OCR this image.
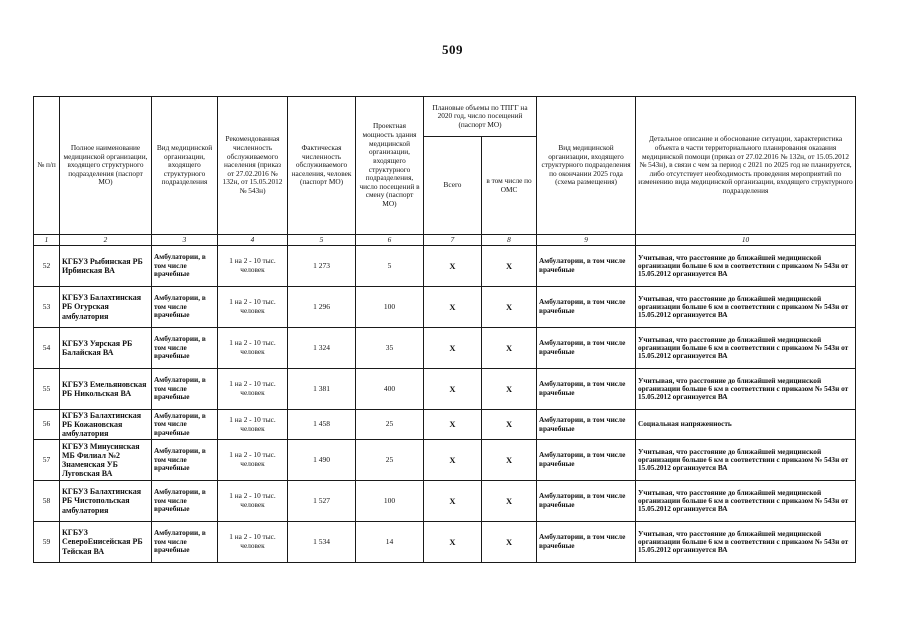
509
№ п/п	Полное наименование медицинской организации, входящего структурного подразделения (паспорт МО)	Вид медицинской организации, входящего структурного подразделения	Рекомендованная численность обслуживаемого населения (приказ от 27.02.2016 № 132н, от 15.05.2012 № 543н)	Фактическая численность обслуживаемого населения, человек (паспорт МО)	Проектная мощность здания медицинской организации, входящего структурного подразделения, число посещений в смену (паспорт МО)	Плановые объемы по ТПГГ на 2020 год, число посещений (паспорт МО)		Вид медицинской организации, входящего структурного подразделения по окончании 2025 года (схема размещения)	Детальное описание и обоснование ситуации, характеристика объекта в части территориального планирования оказания медицинской помощи (приказ от 27.02.2016 № 132н, от 15.05.2012 № 543н), в связи с чем за период с 2021 по 2025 год не планируется, либо отсутствует необходимость проведения мероприятий по изменению вида медицинской организации, входящего структурного подразделения
						Всего	в том числе по ОМС		
1	2	3	4	5	6	7	8	9	10
52	КГБУЗ Рыбинская РБ Ирбинская ВА	Амбулатории, в том числе врачебные	1 на 2 - 10 тыс. человек	1 273	5	Х	Х	Амбулатории, в том числе врачебные	Учитывая, что расстояние до ближайшей медицинской организации больше 6 км в соответствии с приказом № 543н от 15.05.2012 организуется ВА
53	КГБУЗ Балахтинская РБ Огурская амбулатория	Амбулатории, в том числе врачебные	1 на 2 - 10 тыс. человек	1 296	100	Х	Х	Амбулатории, в том числе врачебные	Учитывая, что расстояние до ближайшей медицинской организации больше 6 км в соответствии с приказом № 543н от 15.05.2012 организуется ВА
54	КГБУЗ Уярская РБ Балайская ВА	Амбулатории, в том числе врачебные	1 на 2 - 10 тыс. человек	1 324	35	Х	Х	Амбулатории, в том числе врачебные	Учитывая, что расстояние до ближайшей медицинской организации больше 6 км в соответствии с приказом № 543н от 15.05.2012 организуется ВА
55	КГБУЗ Емельяновская РБ Никольская ВА	Амбулатории, в том числе врачебные	1 на 2 - 10 тыс. человек	1 381	400	Х	Х	Амбулатории, в том числе врачебные	Учитывая, что расстояние до ближайшей медицинской организации больше 6 км в соответствии с приказом № 543н от 15.05.2012 организуется ВА
56	КГБУЗ Балахтинская РБ Кожановская амбулатория	Амбулатории, в том числе врачебные	1 на 2 - 10 тыс. человек	1 458	25	Х	Х	Амбулатории, в том числе врачебные	Социальная напряженность
57	КГБУЗ Минусинская МБ Филиал №2 Знаменская УБ Луговская ВА	Амбулатории, в том числе врачебные	1 на 2 - 10 тыс. человек	1 490	25	Х	Х	Амбулатории, в том числе врачебные	Учитывая, что расстояние до ближайшей медицинской организации больше 6 км в соответствии с приказом № 543н от 15.05.2012 организуется ВА
58	КГБУЗ Балахтинская РБ Чистопольская амбулатория	Амбулатории, в том числе врачебные	1 на 2 - 10 тыс. человек	1 527	100	Х	Х	Амбулатории, в том числе врачебные	Учитывая, что расстояние до ближайшей медицинской организации больше 6 км в соответствии с приказом № 543н от 15.05.2012 организуется ВА
59	КГБУЗ СевероЕнисейская РБ Тейская ВА	Амбулатории, в том числе врачебные	1 на 2 - 10 тыс. человек	1 534	14	Х	Х	Амбулатории, в том числе врачебные	Учитывая, что расстояние до ближайшей медицинской организации больше 6 км в соответствии с приказом № 543н от 15.05.2012 организуется ВА
